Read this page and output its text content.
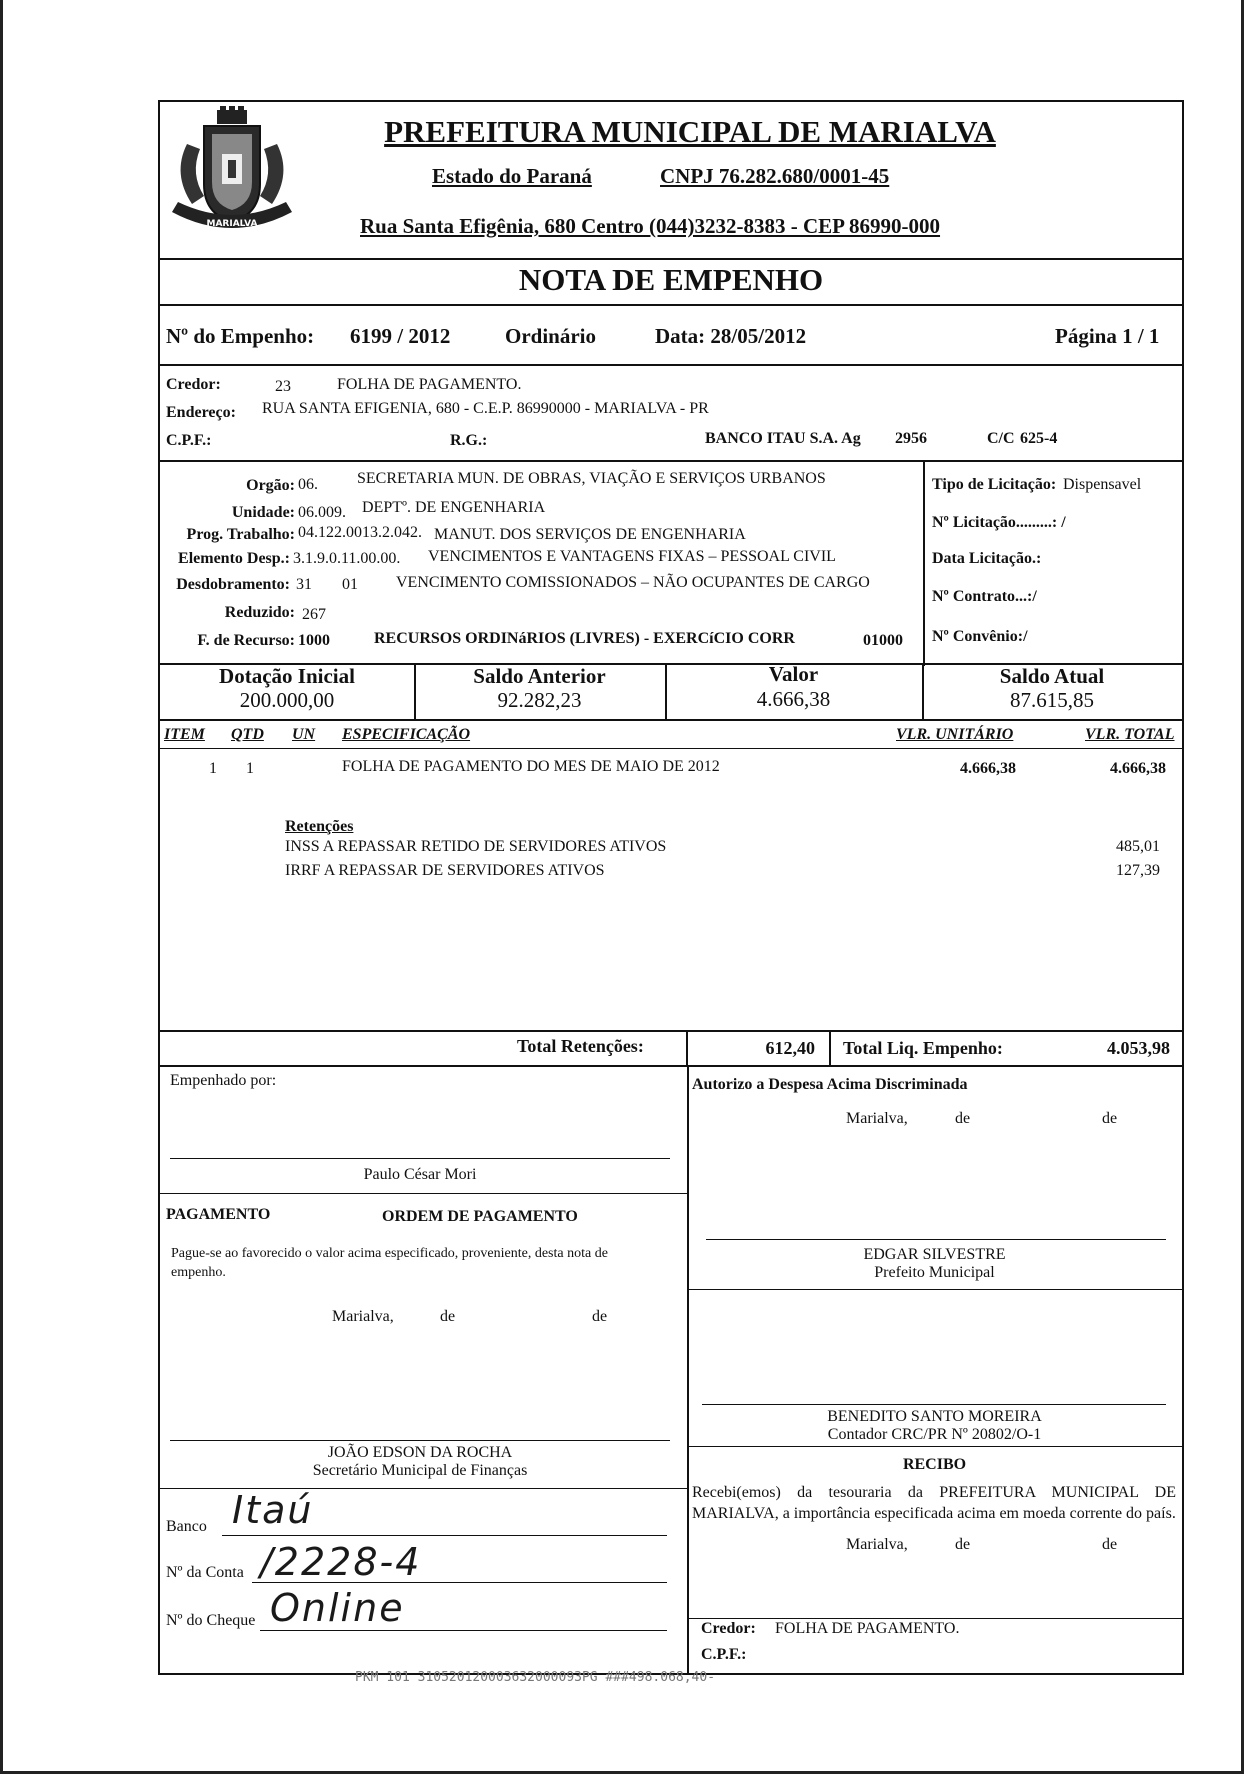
MARIALVA
PREFEITURA MUNICIPAL DE MARIALVA
Estado do Paraná	CNPJ 76.282.680/0001-45
Rua Santa Efigênia, 680 Centro (044)3232-8383 - CEP 86990-000
NOTA DE EMPENHO
Nº do Empenho: 6199 / 2012	Ordinário	Data: 28/05/2012	Página 1 / 1
Credor:	23	FOLHA DE PAGAMENTO.
Endereço: RUA SANTA EFIGENIA, 680 - C.E.P. 86990000 - MARIALVA - PR
C.P.F.:	R.G.:	BANCO ITAU S.A. Ag 2956	C/C 625-4
Orgão: 06. SECRETARIA MUN. DE OBRAS, VIAÇÃO E SERVIÇOS URBANOS
Unidade: 06.009. DEPTº. DE ENGENHARIA
Prog. Trabalho: 04.122.0013.2.042. MANUT. DOS SERVIÇOS DE ENGENHARIA
Elemento Desp.: 3.1.9.0.11.00.00. VENCIMENTOS E VANTAGENS FIXAS – PESSOAL CIVIL
Desdobramento: 31 01 VENCIMENTO COMISSIONADOS – NÃO OCUPANTES DE CARGO
Reduzido: 267
F. de Recurso: 1000	RECURSOS ORDINáRIOS (LIVRES) - EXERCíCIO CORR	01000
Tipo de Licitação: Dispensavel
Nº Licitação.........: /
Data Licitação.:
Nº Contrato...:/
Nº Convênio:/
Dotação Inicial
200.000,00
Saldo Anterior
92.282,23
Valor
4.666,38
Saldo Atual
87.615,85
ITEM QTD UN ESPECIFICAÇÃO	VLR. UNITÁRIO	VLR. TOTAL
1 1	FOLHA DE PAGAMENTO DO MES DE MAIO DE 2012	4.666,38	4.666,38
Retenções
INSS A REPASSAR RETIDO DE SERVIDORES ATIVOS	485,01
IRRF A REPASSAR DE SERVIDORES ATIVOS	127,39
Total Retenções:	612,40 Total Liq. Empenho:	4.053,98
Empenhado por:
Paulo César Mori
Autorizo a Despesa Acima Discriminada
Marialva,	de	de
EDGAR SILVESTRE
Prefeito Municipal
PAGAMENTO	ORDEM DE PAGAMENTO
Pague-se ao favorecido o valor acima especificado, proveniente, desta nota de empenho.
Marialva,	de	de
BENEDITO SANTO MOREIRA
Contador CRC/PR Nº 20802/O-1
JOÃO EDSON DA ROCHA
Secretário Municipal de Finanças	RECIBO
Recebi(emos) da tesouraria da PREFEITURA MUNICIPAL DE MARIALVA, a importância especificada acima em moeda corrente do país.
Marialva,	de	de
Banco Itaú
Nº da Conta /2228-4
Nº do Cheque Online	Credor: FOLHA DE PAGAMENTO.
C.P.F.:
PKM 101 310520120003632000093PG ###498.068,40-
